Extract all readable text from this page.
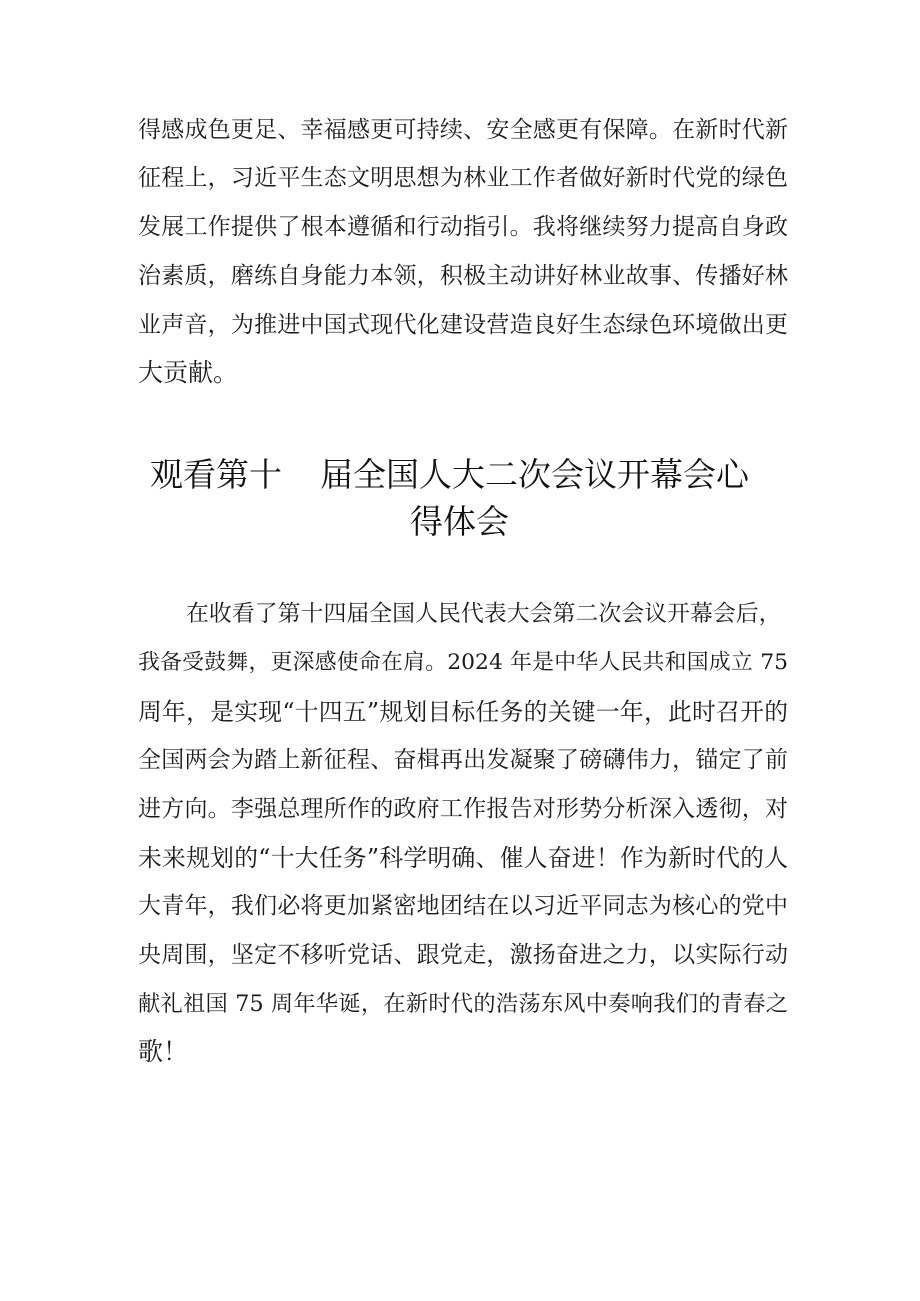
得感成色更足、幸福感更可持续、安全感更有保障。在新时代新
征程上，习近平生态文明思想为林业工作者做好新时代党的绿色
发展工作提供了根本遵循和行动指引。我将继续努力提高自身政
治素质，磨练自身能力本领，积极主动讲好林业故事、传播好林
业声音，为推进中国式现代化建设营造良好生态绿色环境做出更
大贡献。
观看第十 届全国人大二次会议开幕会心
得体会
在收看了第十四届全国人民代表大会第二次会议开幕会后，
我备受鼓舞，更深感使命在肩。2024 年是中华人民共和国成立 75
周年，是实现“十四五”规划目标任务的关键一年，此时召开的
全国两会为踏上新征程、奋楫再出发凝聚了磅礴伟力，锚定了前
进方向。李强总理所作的政府工作报告对形势分析深入透彻，对
未来规划的“十大任务”科学明确、催人奋进！作为新时代的人
大青年，我们必将更加紧密地团结在以习近平同志为核心的党中
央周围，坚定不移听党话、跟党走，激扬奋进之力，以实际行动
献礼祖国 75 周年华诞，在新时代的浩荡东风中奏响我们的青春之
歌！
